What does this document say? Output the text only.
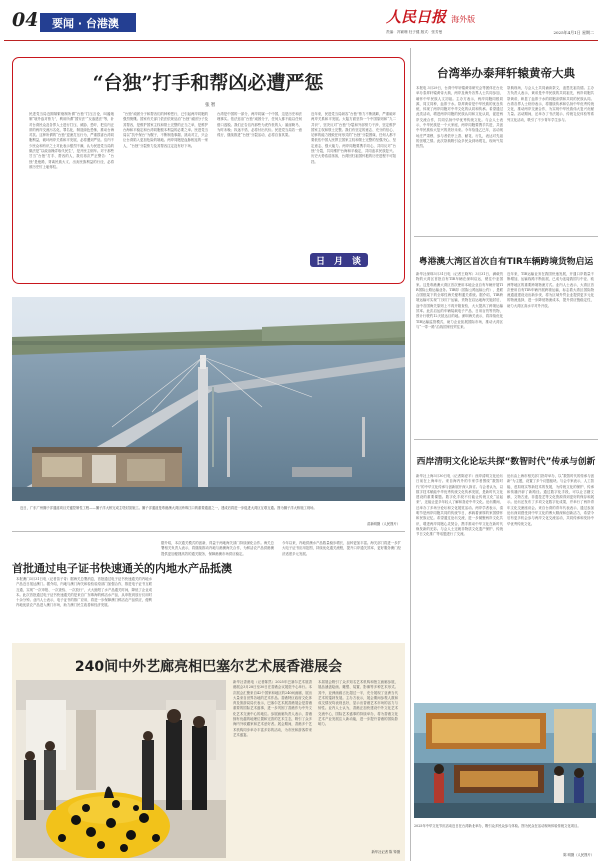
04 要闻 · 台港澳	人民日报 海外版
责编：冯颖珊 杜子健 版式：张芳曼	2025年4月1日 星期二
“台独”打手和帮凶必遭严惩
张 智
民进党当局近期频繁炮制所谓“台独”打压言论，叫嚣炮制“境外敌对势力”，利用所谓“国安法”“反渗透法”等，针对台湾民众及各界人士进行打压、威胁、恐吓，把岛内正常的两岸交流污名化、罪名化，制造绿色恐怖，推动台海对抗。这种所谓的“台独”逆流打压行为，严重损害台湾同胞利益，破坏两岸关系和平发展，必将遭到严惩。岛内不少民众和有识之士对此表示强烈不满，认为民进党当局的做法是“以政治操弄取代民生”，是开民主倒车。对于那些甘当“台独”打手、帮凶的人，我们再次严正警告：“台独”是绝路，背离民族大义、出卖民族利益的行径，必将被历史钉上耻辱柱。
“台独”顽固分子和帮凶们的种种恶行，已引起两岸同胞的强烈愤慨。国家有关部门依法依规惩治“台独”顽固分子及其帮凶，是维护国家主权和领土完整的正当之举，是维护台海和平稳定和台湾同胞根本利益的必要之举。民进党当局以“抗中保台”为幌子，不断制造事端、挑动对立，只会让台湾陷入更加危险的境地。两岸同胞是血脉相连的一家人，“台独”分裂势力及其帮凶注定没有好下场。
台湾是中国的一部分，两岸同属一个中国，这是历史和法理事实。依法惩治“台独”顽固分子，任何人都不能以任何借口逃脱。我们正告岛内那些为虎作伥的人：悬崖勒马，为时未晚；执迷不悟，必将付出代价。民进党当局若一意孤行，继续推进“台独”分裂活动，必将自食其果。
近年来，民进党当局纵容“台独”势力不断挑衅，严重破坏两岸关系和平发展。大陆方面坚持一个中国原则和“九二共识”，坚决反对“台独”分裂和外部势力干涉，坚定维护国家主权和领土完整。我们有坚定的意志、充分的信心、足够的能力挫败任何形式的“台独”分裂图谋，任何人都不要低估中国人民捍卫国家主权和领土完整的坚强决心、坚定意志、强大能力。两岸同胞要携手同心，共同反对“台独”分裂，共同维护台海和平稳定，共同追求民族复兴。历史大势浩浩荡荡，台湾回归祖国怀抱的历史进程不可阻挡。
日 月 谈
近日，广东广州狮子洋通道项目关键控制性工程——狮子洋大桥完成主塔封顶施工。狮子洋通道是粤港澳大湾区跨珠江口的重要通道之一，建成后将进一步促进大湾区互联互通。图为狮子洋大桥施工现场。
苗新明摄（人民图片）
首批通过电子证书快速通关的内地水产品抵澳
本报澳门3月31日电（记者苗子奇）据海关总署消息，首批通过电子证书快速通关的内地水产品近日抵达澳门。据介绍，内地与澳门海关和检验检疫部门加强合作，推进电子证书互联互通，实现“一次申报、一次查验、一次放行”，大大缩短了水产品通关时间，降低了企业成本。此次首批通过电子证书快速通关的是来自广东珠海的鲜活水产品，从申报到放行仅用时十余分钟。业内人士表示，电子证书的推广应用，将进一步保障澳门鲜活农产品供应，便利内地优质农产品进入澳门市场，助力澳门民生改善和经济发展。
据介绍，本次通关模式的创新，得益于两地海关部门持续深化合作。海关总署相关负责人表示，将继续推动内地与港澳海关合作，为鲜活农产品供港澳提供更加便捷高效的通关服务，保障港澳市场供应稳定。
今年以来，内地供澳水产品数量稳步增长，品种更加丰富。海关部门将进一步扩大电子证书应用范围，持续优化通关流程，提升口岸通关效率，更好服务澳门经济适度多元发展。
240间中外艺廊亮相巴塞尔艺术展香港展会
新华社香港电（记者陈然）2025年巴塞尔艺术展香港展会3月28日至30日在香港会议展览中心举行。本次展会汇聚来自42个国家和地区的240间画廊，展出大量来自世界各地的艺术作品。香港特区政府文化体育及旅游局局长表示，巴塞尔艺术展香港展会是香港重要的国际艺术盛事，进一步巩固了香港作为中外文化艺术交流中心的地位。参展画廊负责人表示，香港拥有优越的地理位置和完善的艺术生态，吸引了众多海内外收藏家和艺术爱好者。展会期间，香港多个艺术机构同步举办丰富多彩的活动，为市民和游客带来艺术盛宴。
本届展会吸引了众多知名艺术机构和独立画廊参展，展品涵盖绘画、雕塑、装置、影像等多种艺术形式。其中，亚洲画廊占比超过一半，充分展现了亚洲当代艺术的蓬勃发展。主办方表示，展会期间参观人数和成交情况均表现良好，显示出香港艺术市场的活力与韧性。业内人士认为，香港正加快建设中外文化艺术交流中心，国际艺术盛事的持续举办，将为香港文化艺术产业发展注入新动能，进一步提升香港的国际影响力。
新华社记者 陈 铎摄
台湾举办泰拜轩辕黄帝大典
本报电 3月29日，台湾中华轩辕黄帝研究会等团体在台北举办泰拜轩辕黄帝大典，两岸及海外各界人士共同参加，缅怀中华民族人文初祖。主办方表示，两岸同胞同根同源、同文同种，血浓于水。祭拜黄帝是中华民族的优良传统，体现了两岸同胞对中华文化的认同和传承。希望通过此类活动，增进两岸同胞的民族认同和文化认同，促进两岸交流合作，共同弘扬中华优秀传统文化。与会人士表示，中华民族是一个大家庭，两岸同胞要携手共进，共创中华民族伟大复兴的美好未来。今年恰逢乙巳年，活动现场庄严肃穆，参与者依序上香、献花、行礼，表达对先祖的崇敬之情。此次祭典吸引众多民众到场观礼，现场气氛热烈。
祭典现场，与会人士共同诵读祭文，追思先祖功德。主办方负责人表示，黄帝是中华民族的共同祖先，两岸同胞共祭黄帝，彰显了血浓于水的同胞亲情和共同的民族认同。台湾各界人士纷纷表示，将继续传承和弘扬中华优秀传统文化，推动两岸交流合作，为实现中华民族伟大复兴贡献力量。活动期间，还举办了书法展示、传统礼仪体验等系列文化活动，吸引了不少青年学生参与。
粤港澳大湾区首次自有TIR车辆跨境货物启运
新华社深圳3月31日电（记者王晓军）3月31日，满载货物的大湾区首批自有TIR车辆在深圳启运，驶往中亚国家。这是粤港澳大湾区首次使用本地企业自有车辆开展TIR国际公路运输业务。TIR即《国际公路运输公约》，是联合国框架下的全球性海关便利通关系统。据介绍，TIR跨境运输可实现“门到门”运输，货物在启运地海关施封后，途中各国海关原则上不再开箱查验，大大提高了跨境运输效率。此次启运的车辆装载电子产品、日用百货等货物，预计行驶约12天抵达目的地。深圳海关表示，将持续优化TIR运输监管模式，助力企业拓展国际市场，推动大湾区与“一带一路”沿线国家经贸往来。
近年来，TIR运输业务在我国快速发展，开通口岸数量不断增加，运输线路不断拓展，已成为连接我国与中亚、欧洲等地区的重要跨境物流方式。业内人士表示，大湾区首次使用自有TIR车辆开展跨境运输，标志着大湾区国际物流通道建设迈出新步伐，将为区域外贸企业提供更多元化的物流选择，进一步降低物流成本，提升供应链稳定性，助力大湾区高水平对外开放。
西岸清明文化论坛共探“数智时代”传承与创新
新华社上海3月30日电（记者陈爱平）西岸清明文化论坛日前在上海举行。来自海内外的专家学者围绕“数智时代”的中华文化传承与创新展开深入探讨。与会者认为，以数字技术赋能中华优秀传统文化传承发展，是新时代文化建设的重要课题。数字化手段不仅能让传统文化“活起来”，还能让更多年轻人了解和喜爱中华文化。论坛期间，还举办了多场分论坛和文化展览活动。两岸学者表示，清明节是两岸同胞共同的传统节日，承载着深厚的家国情怀和民族记忆。希望通过论坛交流，进一步凝聚两岸文化共识，增进两岸同胞心灵契合，携手推动中华文化在新时代焕发新的光彩。与会人士还就非物质文化遗产保护、传统节日文化推广等话题进行了交流。
论坛由上海市相关部门指导举办，以“数智时代的传承与创新”为主题，设置了多个议题板块。与会专家表示，人工智能、虚拟现实等新技术的发展，为传统文化的保护、传承和传播开辟了新路径。通过数字化手段，可以让古籍文献、文物古迹、非遗技艺等文化资源得到更好的保存和展示。论坛还发布了多项文化数字化成果，并举行了两岸青年文化交流座谈会。来自台湾的青年代表表示，通过参加论坛深切感受到中华文化的博大精深和创新活力，希望今后有更多机会参与两岸文化交流活动，共同传承和发扬中华优秀传统文化。
2025年中华文化节庆活动近日在台湾新北举办，吸引众多民众参与体验。图为民众在活动现场体验传统文化项目。
陈 明摄（人民图片）
